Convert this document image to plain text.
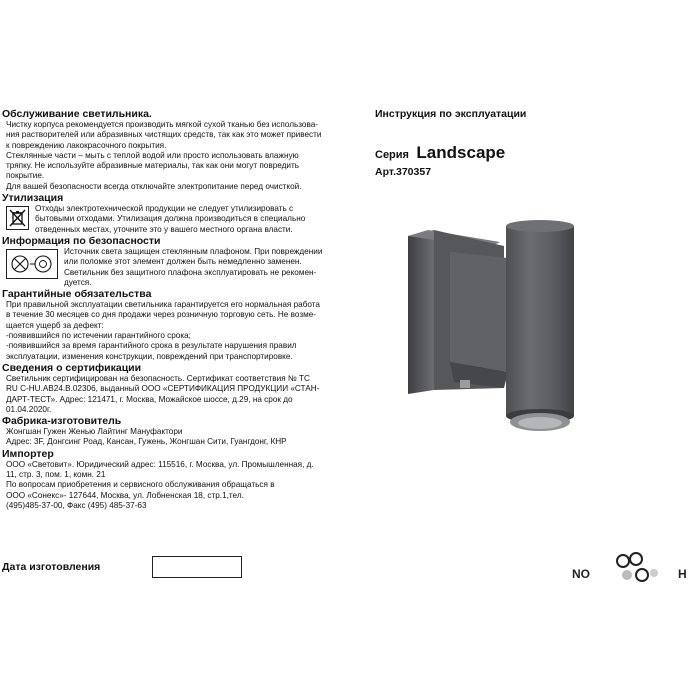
Обслуживание светильника.

Чистку корпуса рекомендуется производить мягкой сухой тканью без использова-

ния растворителей или абразивных чистящих средств, так как это может привести

к повреждению лакокрасочного покрытия.

Стеклянные части – мыть с теплой водой или просто использовать влажную

тряпку. Не используйте абразивные материалы, так как они могут повредить

покрытие.

Для вашей безопасности всегда отключайте электропитание перед очисткой.

Утилизация

Отходы электротехнической продукции не следует утилизировать с

бытовыми отходами. Утилизация должна производиться в специально

отведенных местах, уточните это у вашего местного органа власти.

Информация по безопасности

Источник света защищен стеклянным плафоном. При повреждении

или поломке этот элемент должен быть немедленно заменен.

Светильник без защитного плафона эксплуатировать не рекомен-

дуется.

Гарантийные обязательства

При правильной эксплуатации светильника гарантируется его нормальная работа

в течение 30 месяцев со дня продажи через розничную торговую сеть. Не возме-

щается ущерб за дефект:

-появившийся по истечении гарантийного срока;

-появившийся за время гарантийного срока в результате нарушения правил

эксплуатации, изменения конструкции, повреждений при транспортировке.

Сведения о сертификации

Светильник сертифицирован на безопасность. Сертификат соответствия № ТС

RU С-HU.АВ24.В.02306, выданный ООО «СЕРТИФИКАЦИЯ ПРОДУКЦИИ «СТАН-

ДАРТ-ТЕСТ». Адрес: 121471, г. Москва, Можайское шоссе, д.29, на срок до

01.04.2020г.

Фабрика-изготовитель

Жонгшан Гужен Женью Лайтинг Мануфактори

Адрес: 3F, Донгсинг Роад, Кансан, Гужень, Жонгшан Сити, Гуангдонг, КНР

Импортер

ООО «Световит». Юридический адрес: 115516, г. Москва, ул. Промышленная, д.

11, стр. 3, пом. 1, комн. 21

По вопросам приобретения и сервисного обслуживания обращаться в

ООО «Сонекс»- 127644, Москва, ул. Лобненская 18, стр.1,тел.

(495)485-37-00, Факс (495) 485-37-63

Дата изготовления
Инструкция по эксплуатации
Серия Landscape
Арт.370357
NO	H
